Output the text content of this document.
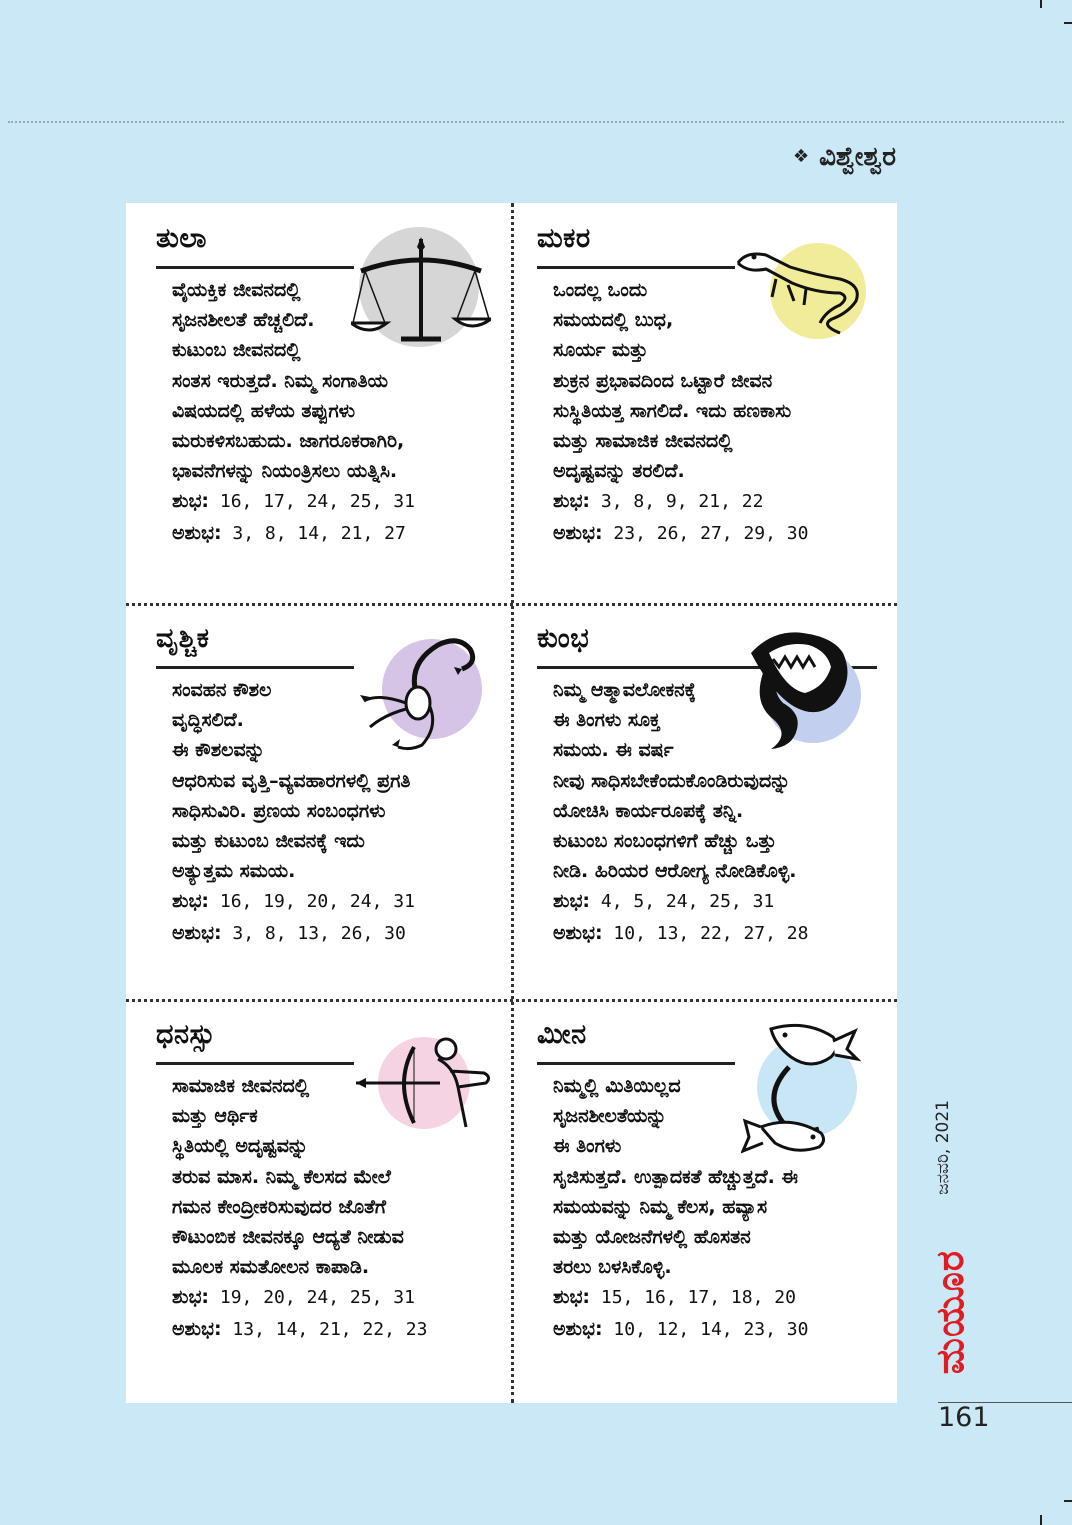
❖ ವಿಶ್ವೇಶ್ವರ
ತುಲಾ

ವೈಯಕ್ತಿಕ ಜೀವನದಲ್ಲಿ

ಸೃಜನಶೀಲತೆ ಹೆಚ್ಚಲಿದೆ.

ಕುಟುಂಬ ಜೀವನದಲ್ಲಿ

ಸಂತಸ ಇರುತ್ತದೆ. ನಿಮ್ಮ ಸಂಗಾತಿಯ

ವಿಷಯದಲ್ಲಿ ಹಳೆಯ ತಪ್ಪುಗಳು

ಮರುಕಳಿಸಬಹುದು. ಜಾಗರೂಕರಾಗಿರಿ,

ಭಾವನೆಗಳನ್ನು ನಿಯಂತ್ರಿಸಲು ಯತ್ನಿಸಿ.

ಶುಭ: 16, 17, 24, 25, 31

ಅಶುಭ: 3, 8, 14, 21, 27

ಮಕರ

ಒಂದಲ್ಲ ಒಂದು

ಸಮಯದಲ್ಲಿ ಬುಧ,

ಸೂರ್ಯ ಮತ್ತು

ಶುಕ್ರನ ಪ್ರಭಾವದಿಂದ ಒಟ್ಟಾರೆ ಜೀವನ

ಸುಸ್ಥಿತಿಯತ್ತ ಸಾಗಲಿದೆ. ಇದು ಹಣಕಾಸು

ಮತ್ತು ಸಾಮಾಜಿಕ ಜೀವನದಲ್ಲಿ

ಅದೃಷ್ಟವನ್ನು ತರಲಿದೆ.

ಶುಭ: 3, 8, 9, 21, 22

ಅಶುಭ: 23, 26, 27, 29, 30

ವೃಶ್ಚಿಕ

ಸಂವಹನ ಕೌಶಲ

ವೃದ್ಧಿಸಲಿದೆ.

ಈ ಕೌಶಲವನ್ನು

ಆಧರಿಸುವ ವೃತ್ತಿ–ವ್ಯವಹಾರಗಳಲ್ಲಿ ಪ್ರಗತಿ

ಸಾಧಿಸುವಿರಿ. ಪ್ರಣಯ ಸಂಬಂಧಗಳು

ಮತ್ತು ಕುಟುಂಬ ಜೀವನಕ್ಕೆ ಇದು

ಅತ್ಯುತ್ತಮ ಸಮಯ.

ಶುಭ: 16, 19, 20, 24, 31

ಅಶುಭ: 3, 8, 13, 26, 30

ಕುಂಭ

ನಿಮ್ಮ ಆತ್ಮಾವಲೋಕನಕ್ಕೆ

ಈ ತಿಂಗಳು ಸೂಕ್ತ

ಸಮಯ. ಈ ವರ್ಷ

ನೀವು ಸಾಧಿಸಬೇಕೆಂದುಕೊಂಡಿರುವುದನ್ನು

ಯೋಚಿಸಿ ಕಾರ್ಯರೂಪಕ್ಕೆ ತನ್ನಿ.

ಕುಟುಂಬ ಸಂಬಂಧಗಳಿಗೆ ಹೆಚ್ಚು ಒತ್ತು

ನೀಡಿ. ಹಿರಿಯರ ಆರೋಗ್ಯ ನೋಡಿಕೊಳ್ಳಿ.

ಶುಭ: 4, 5, 24, 25, 31

ಅಶುಭ: 10, 13, 22, 27, 28

ಧನಸ್ಸು

ಸಾಮಾಜಿಕ ಜೀವನದಲ್ಲಿ

ಮತ್ತು ಆರ್ಥಿಕ

ಸ್ಥಿತಿಯಲ್ಲಿ ಅದೃಷ್ಟವನ್ನು

ತರುವ ಮಾಸ. ನಿಮ್ಮ ಕೆಲಸದ ಮೇಲೆ

ಗಮನ ಕೇಂದ್ರೀಕರಿಸುವುದರ ಜೊತೆಗೆ

ಕೌಟುಂಬಿಕ ಜೀವನಕ್ಕೂ ಆದ್ಯತೆ ನೀಡುವ

ಮೂಲಕ ಸಮತೋಲನ ಕಾಪಾಡಿ.

ಶುಭ: 19, 20, 24, 25, 31

ಅಶುಭ: 13, 14, 21, 22, 23

ಮೀನ

ನಿಮ್ಮಲ್ಲಿ ಮಿತಿಯಿಲ್ಲದ

ಸೃಜನಶೀಲತೆಯನ್ನು

ಈ ತಿಂಗಳು

ಸೃಜಿಸುತ್ತದೆ. ಉತ್ಪಾದಕತೆ ಹೆಚ್ಚುತ್ತದೆ. ಈ

ಸಮಯವನ್ನು ನಿಮ್ಮ ಕೆಲಸ, ಹವ್ಯಾಸ

ಮತ್ತು ಯೋಜನೆಗಳಲ್ಲಿ ಹೊಸತನ

ತರಲು ಬಳಸಿಕೊಳ್ಳಿ.

ಶುಭ: 15, 16, 17, 18, 20

ಅಶುಭ: 10, 12, 14, 23, 30

ಜನವರಿ, 2021
ಮಯೂರ
161
